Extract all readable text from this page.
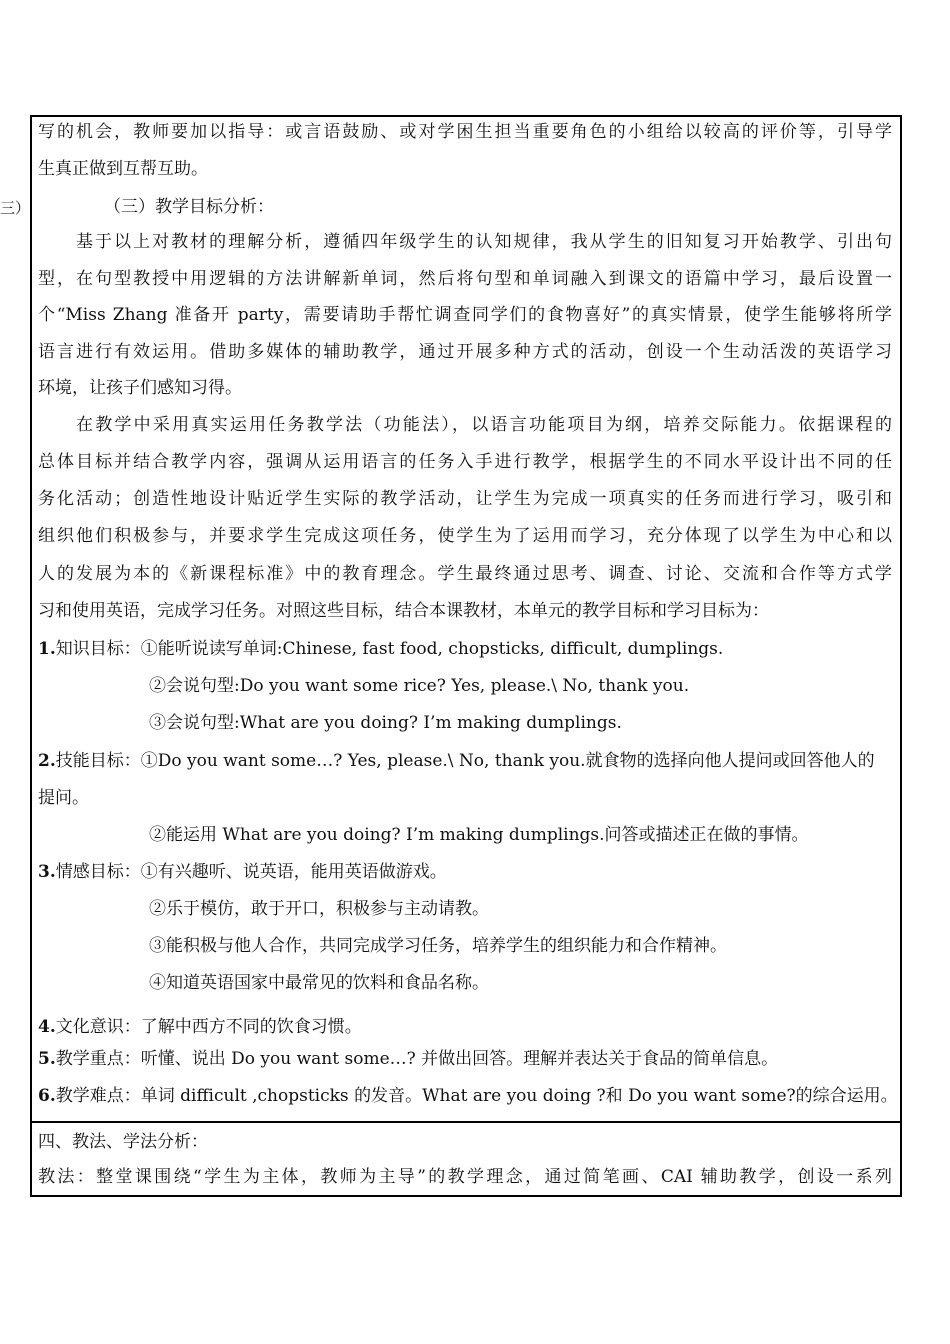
三）
写的机会，教师要加以指导：或言语鼓励、或对学困生担当重要角色的小组给以较高的评价等，引导学
生真正做到互帮互助。
（三）教学目标分析：
基于以上对教材的理解分析，遵循四年级学生的认知规律，我从学生的旧知复习开始教学、引出句
型，在句型教授中用逻辑的方法讲解新单词，然后将句型和单词融入到课文的语篇中学习，最后设置一
个“Miss Zhang 准备开 party，需要请助手帮忙调查同学们的食物喜好”的真实情景，使学生能够将所学
语言进行有效运用。借助多媒体的辅助教学，通过开展多种方式的活动，创设一个生动活泼的英语学习
环境，让孩子们感知习得。
在教学中采用真实运用任务教学法（功能法），以语言功能项目为纲，培养交际能力。依据课程的
总体目标并结合教学内容，强调从运用语言的任务入手进行教学，根据学生的不同水平设计出不同的任
务化活动；创造性地设计贴近学生实际的教学活动，让学生为完成一项真实的任务而进行学习，吸引和
组织他们积极参与，并要求学生完成这项任务，使学生为了运用而学习，充分体现了以学生为中心和以
人的发展为本的《新课程标准》中的教育理念。学生最终通过思考、调查、讨论、交流和合作等方式学
习和使用英语，完成学习任务。对照这些目标，结合本课教材，本单元的教学目标和学习目标为：
1.知识目标：①能听说读写单词:Chinese, fast food, chopsticks, difficult, dumplings.
②会说句型:Do you want some rice? Yes, please.\ No, thank you.
③会说句型:What are you doing? I’m making dumplings.
2.技能目标：①Do you want some…? Yes, please.\ No, thank you.就食物的选择向他人提问或回答他人的
提问。
②能运用 What are you doing? I’m making dumplings.问答或描述正在做的事情。
3.情感目标：①有兴趣听、说英语，能用英语做游戏。
②乐于模仿，敢于开口，积极参与主动请教。
③能积极与他人合作，共同完成学习任务，培养学生的组织能力和合作精神。
④知道英语国家中最常见的饮料和食品名称。
4.文化意识：了解中西方不同的饮食习惯。
5.教学重点：听懂、说出 Do you want some…? 并做出回答。理解并表达关于食品的简单信息。
6.教学难点：单词 difficult ,chopsticks 的发音。What are you doing ?和 Do you want some?的综合运用。
四、教法、学法分析：
教法：整堂课围绕“学生为主体，教师为主导”的教学理念，通过简笔画、CAI 辅助教学，创设一系列
